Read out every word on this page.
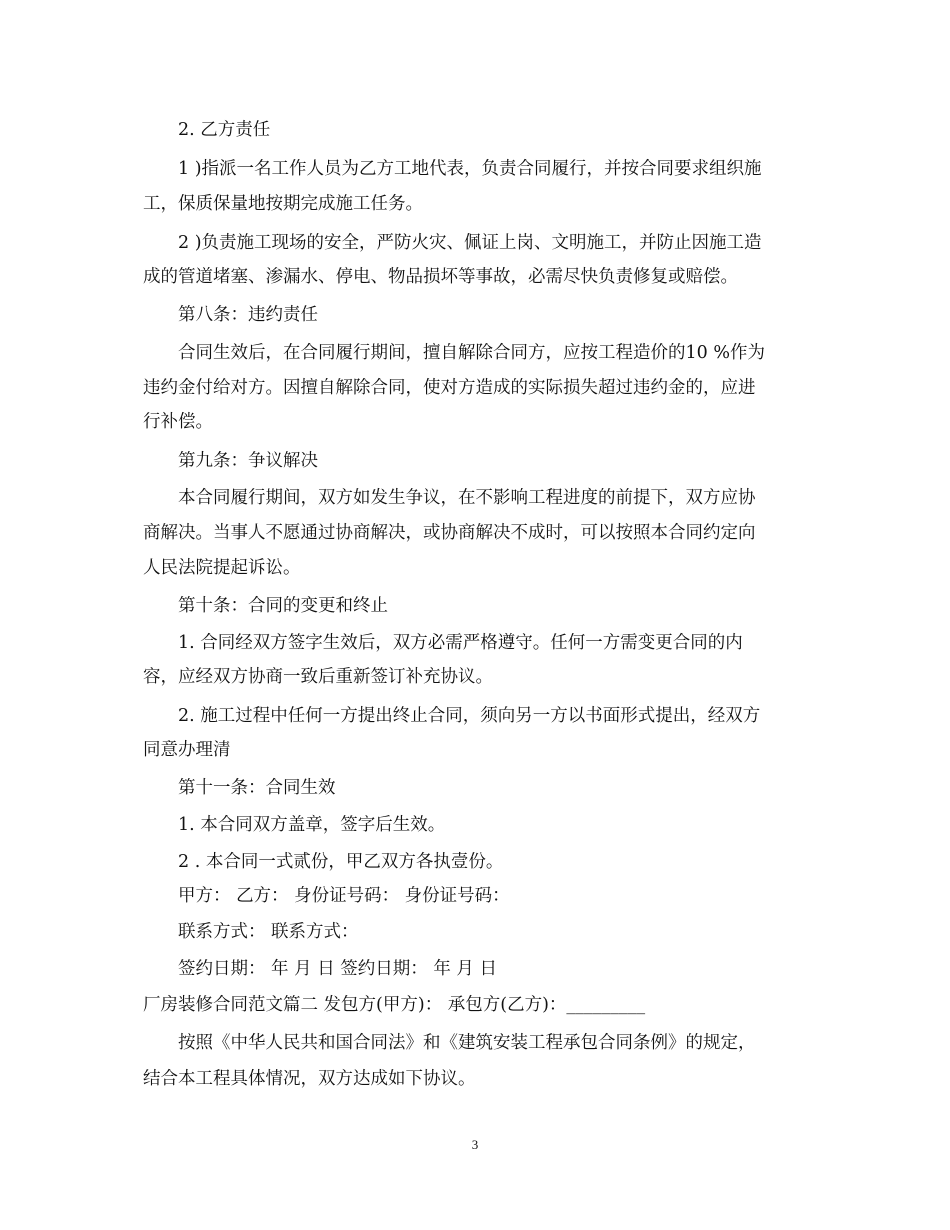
2. 乙方责任
1 )指派一名工作人员为乙方工地代表，负责合同履行，并按合同要求组织施
工，保质保量地按期完成施工任务。
2 )负责施工现场的安全，严防火灾、佩证上岗、文明施工，并防止因施工造
成的管道堵塞、渗漏水、停电、物品损坏等事故，必需尽快负责修复或赔偿。
第八条：违约责任
合同生效后，在合同履行期间，擅自解除合同方，应按工程造价的10 %作为
违约金付给对方。因擅自解除合同，使对方造成的实际损失超过违约金的，应进
行补偿。
第九条：争议解决
本合同履行期间，双方如发生争议，在不影响工程进度的前提下，双方应协
商解决。当事人不愿通过协商解决，或协商解决不成时，可以按照本合同约定向
人民法院提起诉讼。
第十条：合同的变更和终止
1. 合同经双方签字生效后，双方必需严格遵守。任何一方需变更合同的内
容，应经双方协商一致后重新签订补充协议。
2. 施工过程中任何一方提出终止合同，须向另一方以书面形式提出，经双方
同意办理清
第十一条：合同生效
1. 本合同双方盖章，签字后生效。
2 . 本合同一式贰份，甲乙双方各执壹份。
甲方： 乙方： 身份证号码： 身份证号码：
联系方式： 联系方式：
签约日期： 年 月 日 签约日期： 年 月 日
厂房装修合同范文篇二 发包方(甲方)： 承包方(乙方)：_________
按照《中华人民共和国合同法》和《建筑安装工程承包合同条例》的规定，
结合本工程具体情况，双方达成如下协议。
3
